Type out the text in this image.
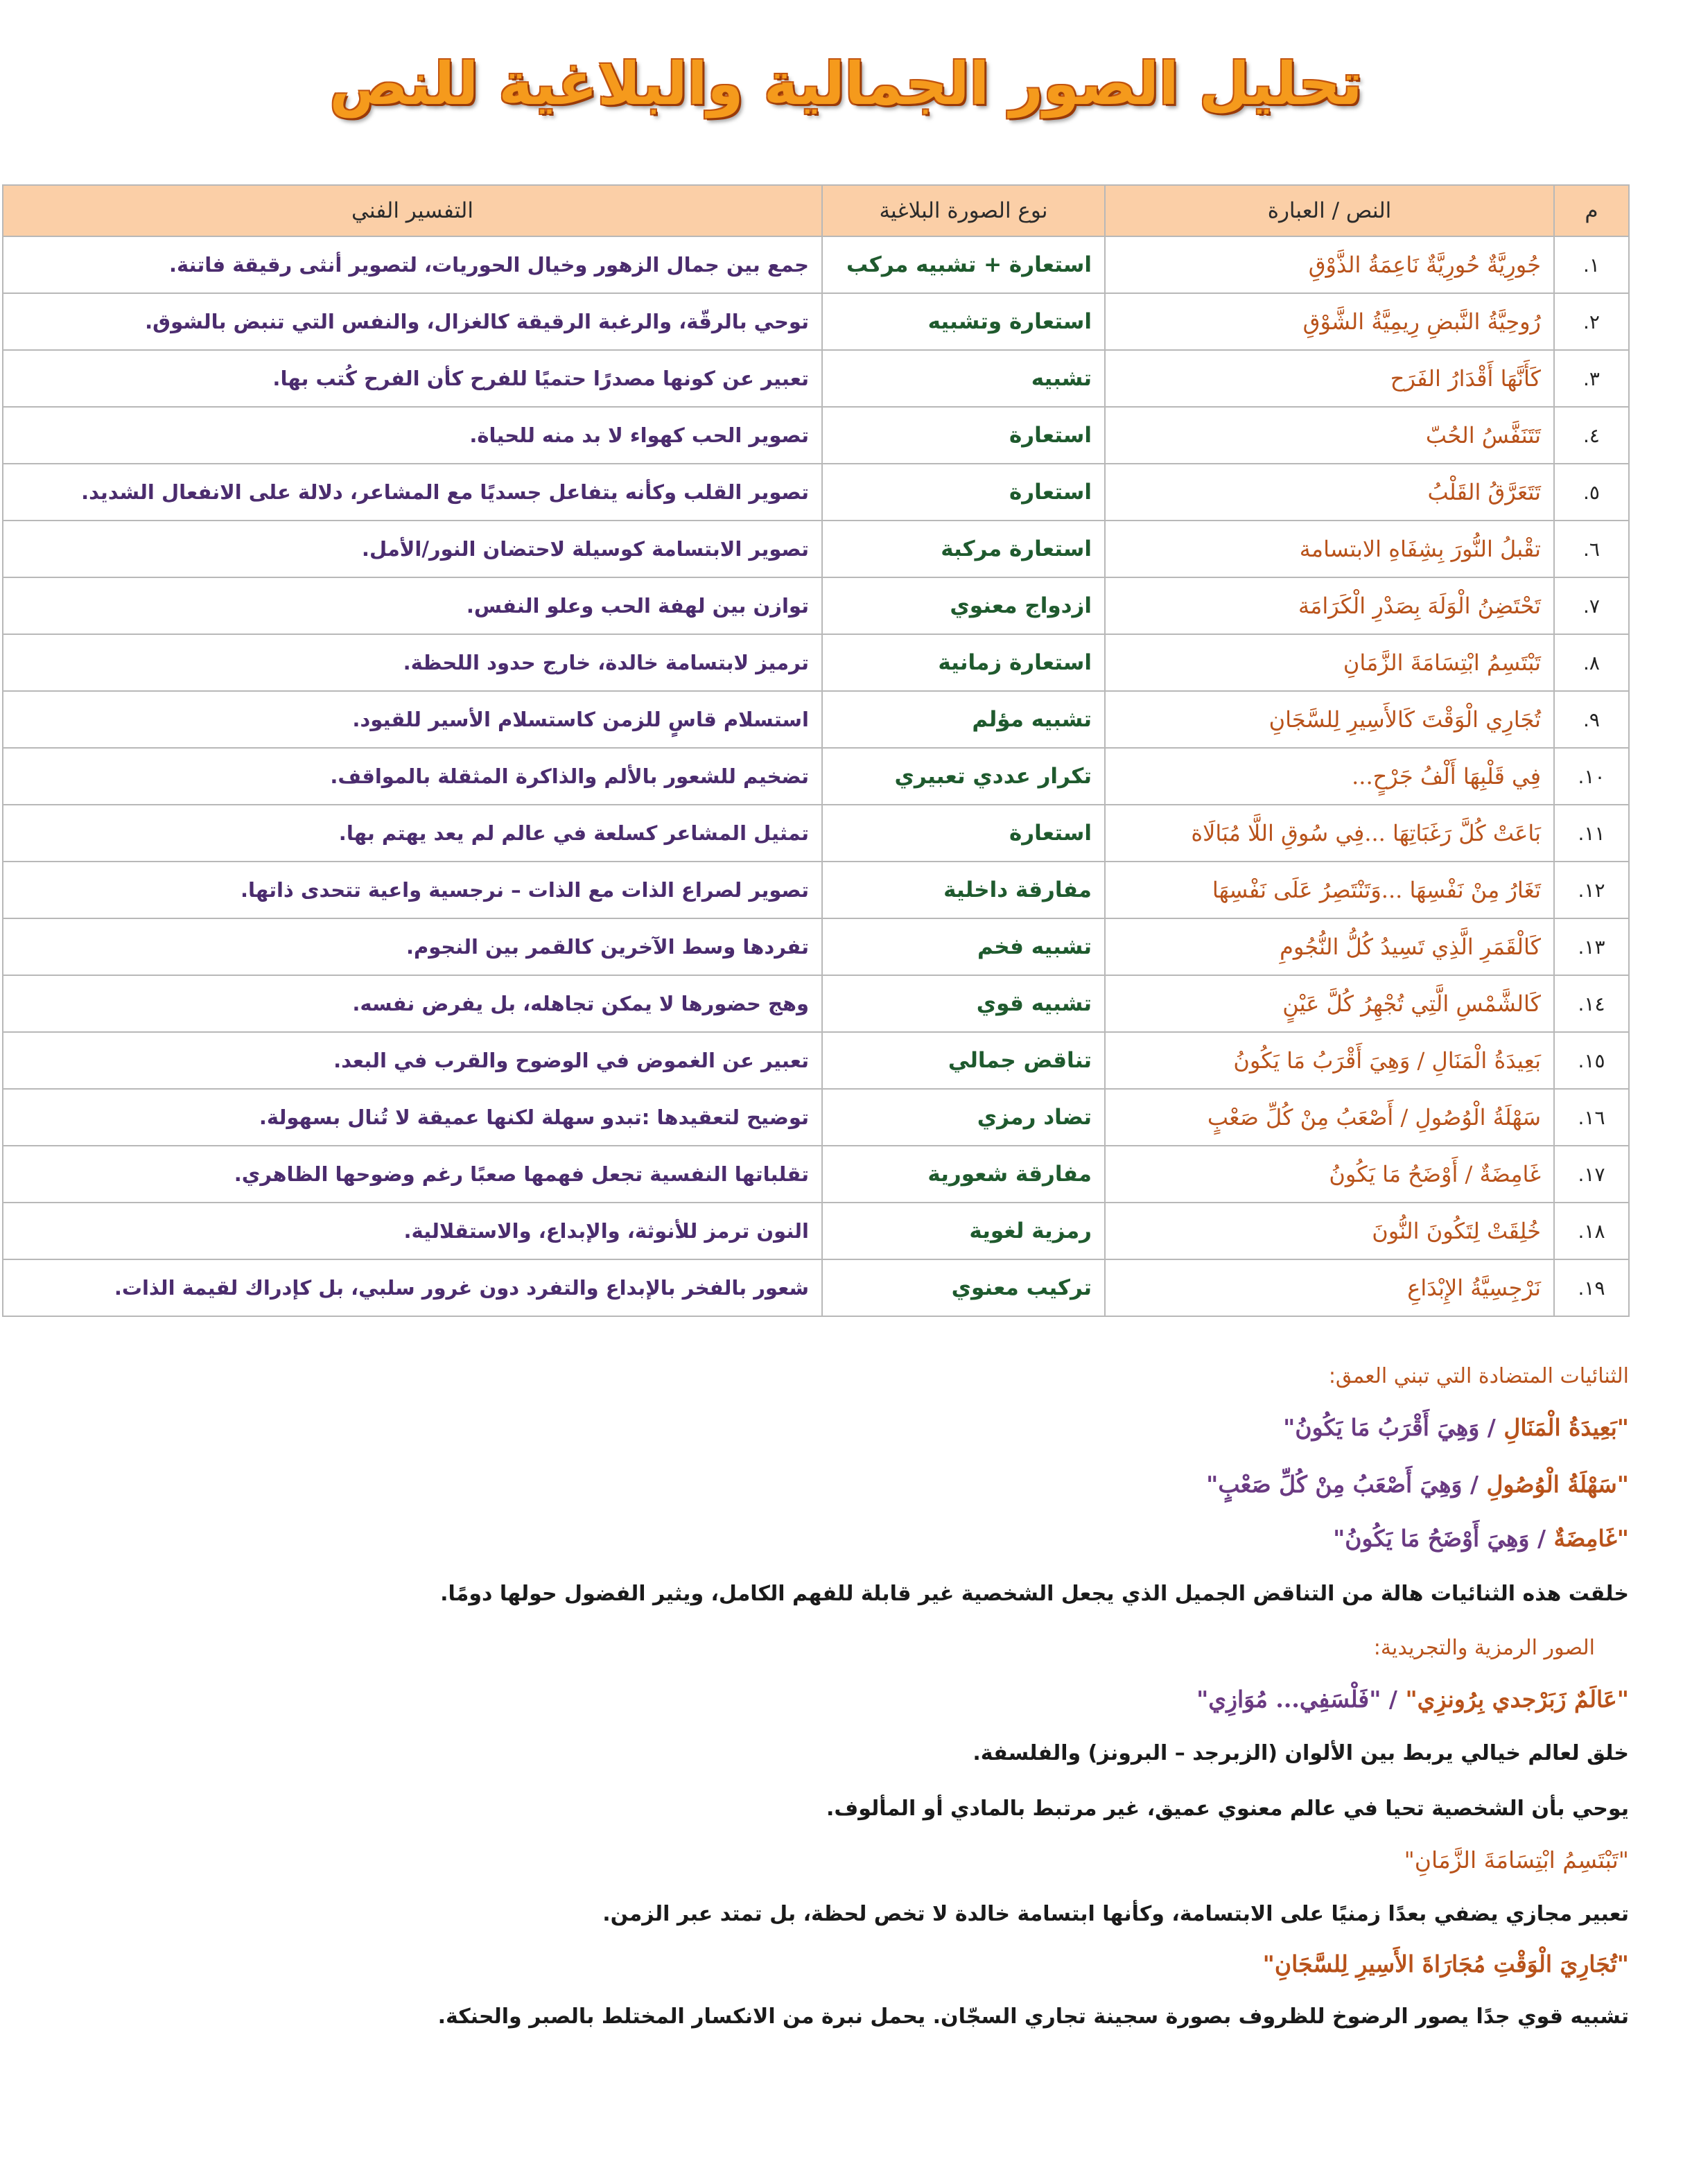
تحليل الصور الجمالية والبلاغية للنص
م	النص / العبارة	نوع الصورة البلاغية	التفسير الفني
١.	جُورِيَّةٌ حُورِيَّةٌ نَاعِمَةُ الذَّوْقِ	استعارة + تشبيه مركب	جمع بين جمال الزهور وخيال الحوريات، لتصوير أنثى رقيقة فاتنة.
٢.	رُوحِيَّةُ النَّبضِ رِيمِيَّةُ الشَّوْقِ	استعارة وتشبيه	توحي بالرقّة، والرغبة الرقيقة كالغزال، والنفس التي تنبض بالشوق.
٣.	كَأَنَّهَا أَقْدَارُ الفَرَح	تشبيه	تعبير عن كونها مصدرًا حتميًا للفرح كأن الفرح كُتب بها.
٤.	تَتَنَفَّسُ الحُبّ	استعارة	تصوير الحب كهواء لا بد منه للحياة.
٥.	تَتَعَرَّقُ القَلْبُ	استعارة	تصوير القلب وكأنه يتفاعل جسديًا مع المشاعر، دلالة على الانفعال الشديد.
٦.	تقْبلُ النُّورَ بِشِفَاهِ الابتسامة	استعارة مركبة	تصوير الابتسامة كوسيلة لاحتضان النور/الأمل.
٧.	تَحْتَضِنُ الْوَلَهَ بِصَدْرِ الْكَرَامَة	ازدواج معنوي	توازن بين لهفة الحب وعلو النفس.
٨.	تَبْتَسِمُ ابْتِسَامَةَ الزَّمَانِ	استعارة زمانية	ترميز لابتسامة خالدة، خارج حدود اللحظة.
٩.	تُجَارِي الْوَقْتَ كَالأَسِيرِ لِلسَّجَانِ	تشبيه مؤلم	استسلام قاسٍ للزمن كاستسلام الأسير للقيود.
١٠.	فِي قَلْبِهَا أَلْفُ جَرْحٍ...	تكرار عددي تعبيري	تضخيم للشعور بالألم والذاكرة المثقلة بالمواقف.
١١.	بَاعَتْ كُلَّ رَغَبَاتِهَا ...فِي سُوقِ اللَّا مُبَالَاة	استعارة	تمثيل المشاعر كسلعة في عالم لم يعد يهتم بها.
١٢.	تَغَارُ مِنْ نَفْسِهَا ...وَتَنْتَصِرُ عَلَى نَفْسِهَا	مفارقة داخلية	تصوير لصراع الذات مع الذات – نرجسية واعية تتحدى ذاتها.
١٣.	كَالْقَمَرِ الَّذِي تَسِيدُ كُلُّ النُّجُومِ	تشبيه فخم	تفردها وسط الآخرين كالقمر بين النجوم.
١٤.	كَالشَّمْسِ الَّتِي تُجْهِرُ كُلَّ عَيْنٍ	تشبيه قوي	وهج حضورها لا يمكن تجاهله، بل يفرض نفسه.
١٥.	بَعِيدَةُ الْمَنَالِ / وَهِيَ أَقْرَبُ مَا يَكُونُ	تناقض جمالي	تعبير عن الغموض في الوضوح والقرب في البعد.
١٦.	سَهْلَةُ الْوُصُولِ / أَصْعَبُ مِنْ كُلِّ صَعْبٍ	تضاد رمزي	توضيح لتعقيدها :تبدو سهلة لكنها عميقة لا تُنال بسهولة.
١٧.	غَامِضَةٌ / أَوْضَحُ مَا يَكُونُ	مفارقة شعورية	تقلباتها النفسية تجعل فهمها صعبًا رغم وضوحها الظاهري.
١٨.	خُلِقَتْ لِتَكُونَ النُّونَ	رمزية لغوية	النون ترمز للأنوثة، والإبداع، والاستقلالية.
١٩.	نَرْجِسِيَّةُ الإِبْدَاعِ	تركيب معنوي	شعور بالفخر بالإبداع والتفرد دون غرور سلبي، بل كإدراك لقيمة الذات.
الثنائيات المتضادة التي تبني العمق:
"بَعِيدَةُ الْمَنَالِ / وَهِيَ أَقْرَبُ مَا يَكُونُ"
"سَهْلَةُ الْوُصُولِ / وَهِيَ أَصْعَبُ مِنْ كُلِّ صَعْبٍ"
"غَامِضَةٌ / وَهِيَ أَوْضَحُ مَا يَكُونُ"
خلقت هذه الثنائيات هالة من التناقض الجميل الذي يجعل الشخصية غير قابلة للفهم الكامل، ويثير الفضول حولها دومًا.
الصور الرمزية والتجريدية:
"عَالَمٌ زَبَرْجدي بِرُونزِي" / "فَلْسَفِي... مُوَازِي"
خلق لعالم خيالي يربط بين الألوان (الزبرجد – البرونز) والفلسفة.
يوحي بأن الشخصية تحيا في عالم معنوي عميق، غير مرتبط بالمادي أو المألوف.
"تَبْتَسِمُ ابْتِسَامَةَ الزَّمَانِ"
تعبير مجازي يضفي بعدًا زمنيًا على الابتسامة، وكأنها ابتسامة خالدة لا تخص لحظة، بل تمتد عبر الزمن.
"تُجَارِيَ الْوَقْتِ مُجَارَاةَ الأَسِيرِ لِلسَّجَانِ"
تشبيه قوي جدًا يصور الرضوخ للظروف بصورة سجينة تجاري السجّان. يحمل نبرة من الانكسار المختلط بالصبر والحنكة.
